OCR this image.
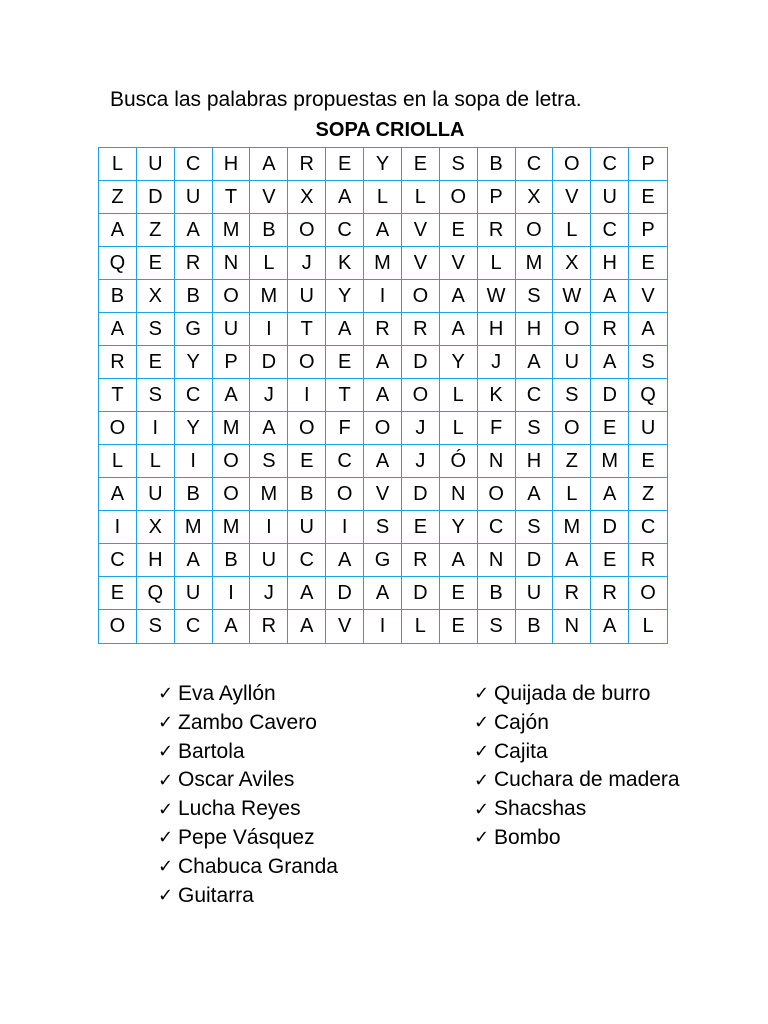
Busca las palabras propuestas en la sopa de letra.
SOPA CRIOLLA
L	U	C	H	A	R	E	Y	E	S	B	C	O	C	P
Z	D	U	T	V	X	A	L	L	O	P	X	V	U	E
A	Z	A	M	B	O	C	A	V	E	R	O	L	C	P
Q	E	R	N	L	J	K	M	V	V	L	M	X	H	E
B	X	B	O	M	U	Y	I	O	A	W	S	W	A	V
A	S	G	U	I	T	A	R	R	A	H	H	O	R	A
R	E	Y	P	D	O	E	A	D	Y	J	A	U	A	S
T	S	C	A	J	I	T	A	O	L	K	C	S	D	Q
O	I	Y	M	A	O	F	O	J	L	F	S	O	E	U
L	L	I	O	S	E	C	A	J	Ó	N	H	Z	M	E
A	U	B	O	M	B	O	V	D	N	O	A	L	A	Z
I	X	M	M	I	U	I	S	E	Y	C	S	M	D	C
C	H	A	B	U	C	A	G	R	A	N	D	A	E	R
E	Q	U	I	J	A	D	A	D	E	B	U	R	R	O
O	S	C	A	R	A	V	I	L	E	S	B	N	A	L
✓ Eva Ayllón
✓ Zambo Cavero
✓ Bartola
✓ Oscar Aviles
✓ Lucha Reyes
✓ Pepe Vásquez
✓ Chabuca Granda
✓ Guitarra
✓ Quijada de burro
✓ Cajón
✓ Cajita
✓ Cuchara de madera
✓ Shacshas
✓ Bombo
